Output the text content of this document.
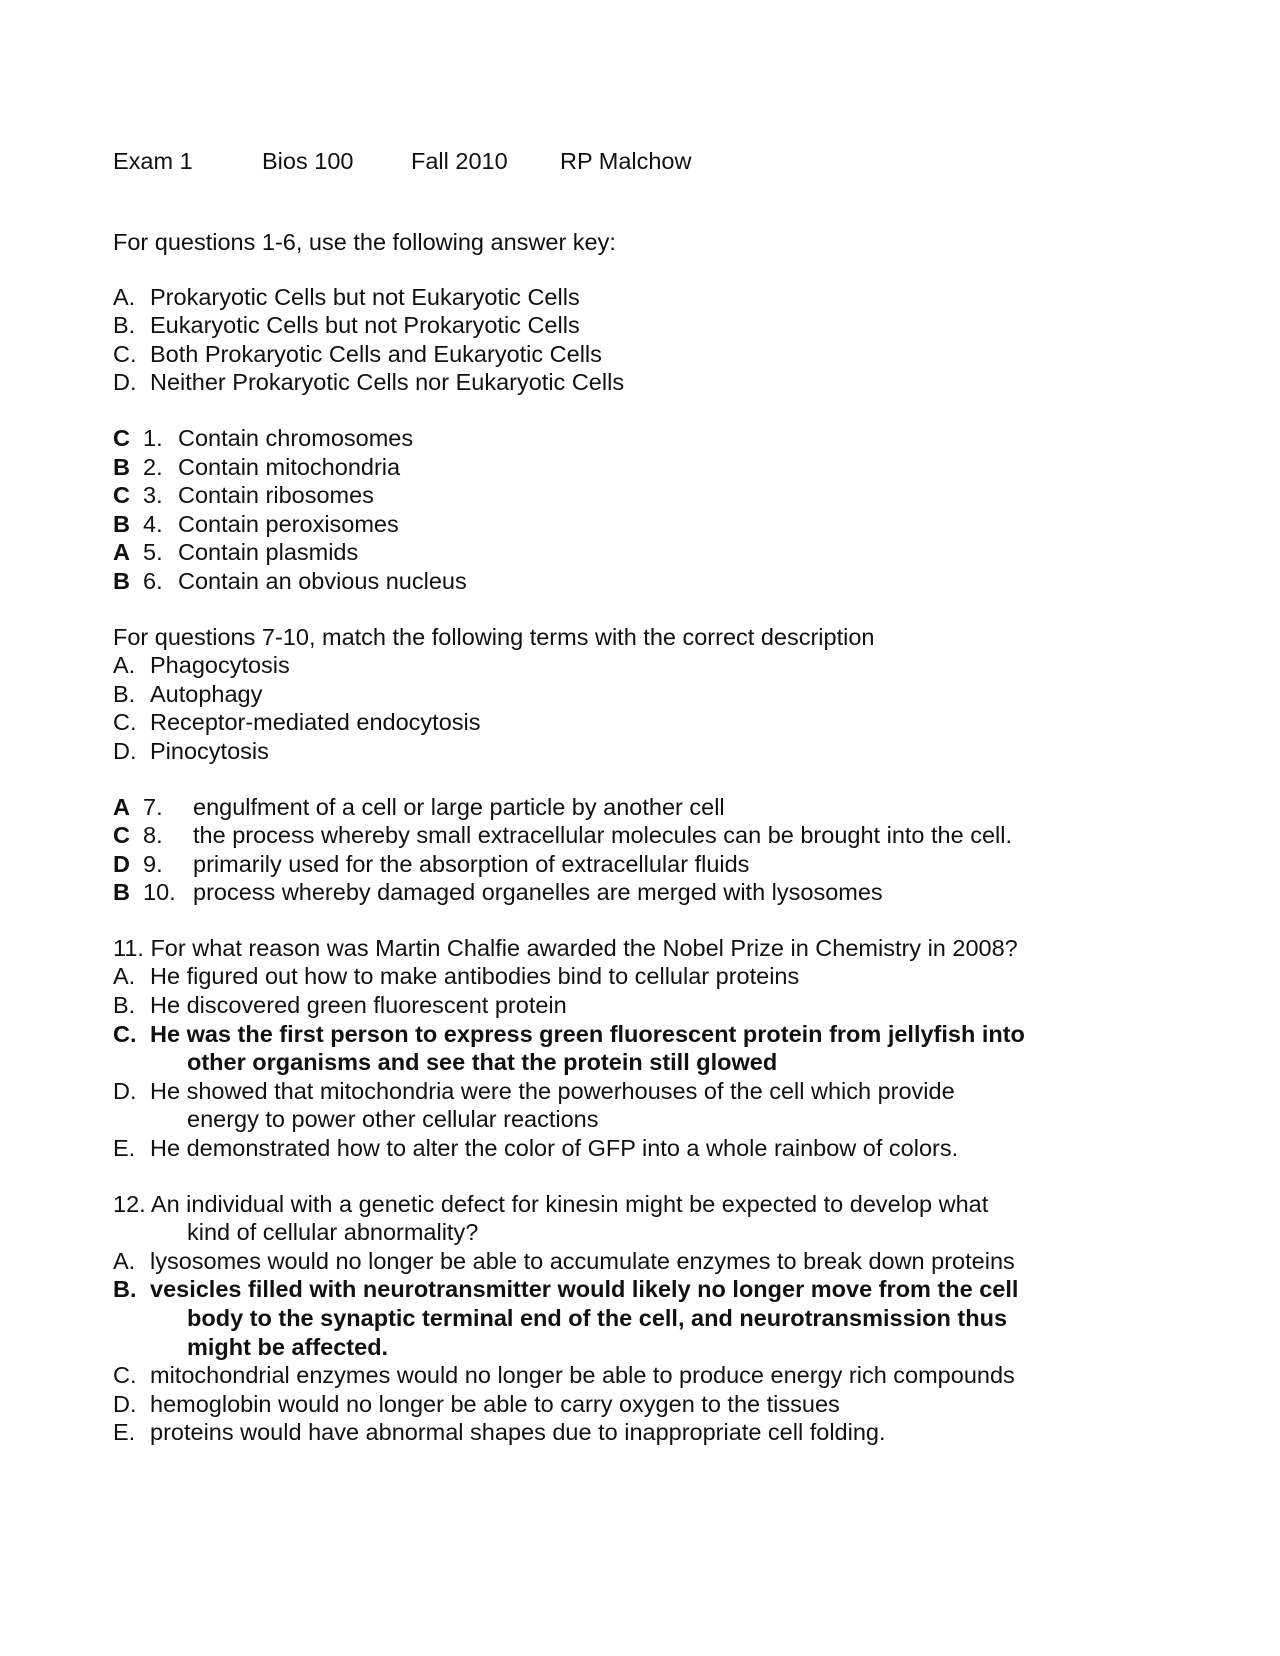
Exam 1	Bios 100	Fall 2010	RP Malchow
For questions 1-6, use the following answer key:
A. Prokaryotic Cells but not Eukaryotic Cells
B. Eukaryotic Cells but not Prokaryotic Cells
C. Both Prokaryotic Cells and Eukaryotic Cells
D. Neither Prokaryotic Cells nor Eukaryotic Cells
C 1. Contain chromosomes
B 2. Contain mitochondria
C 3. Contain ribosomes
B 4. Contain peroxisomes
A 5. Contain plasmids
B 6. Contain an obvious nucleus
For questions 7-10, match the following terms with the correct description
A. Phagocytosis
B. Autophagy
C. Receptor-mediated endocytosis
D. Pinocytosis
A 7. engulfment of a cell or large particle by another cell
C 8. the process whereby small extracellular molecules can be brought into the cell.
D 9. primarily used for the absorption of extracellular fluids
B 10. process whereby damaged organelles are merged with lysosomes
11. For what reason was Martin Chalfie awarded the Nobel Prize in Chemistry in 2008?
A. He figured out how to make antibodies bind to cellular proteins
B. He discovered green fluorescent protein
C. He was the first person to express green fluorescent protein from jellyfish into
other organisms and see that the protein still glowed
D. He showed that mitochondria were the powerhouses of the cell which provide
energy to power other cellular reactions
E. He demonstrated how to alter the color of GFP into a whole rainbow of colors.
12. An individual with a genetic defect for kinesin might be expected to develop what
kind of cellular abnormality?
A. lysosomes would no longer be able to accumulate enzymes to break down proteins
B. vesicles filled with neurotransmitter would likely no longer move from the cell
body to the synaptic terminal end of the cell, and neurotransmission thus
might be affected.
C. mitochondrial enzymes would no longer be able to produce energy rich compounds
D. hemoglobin would no longer be able to carry oxygen to the tissues
E. proteins would have abnormal shapes due to inappropriate cell folding.
